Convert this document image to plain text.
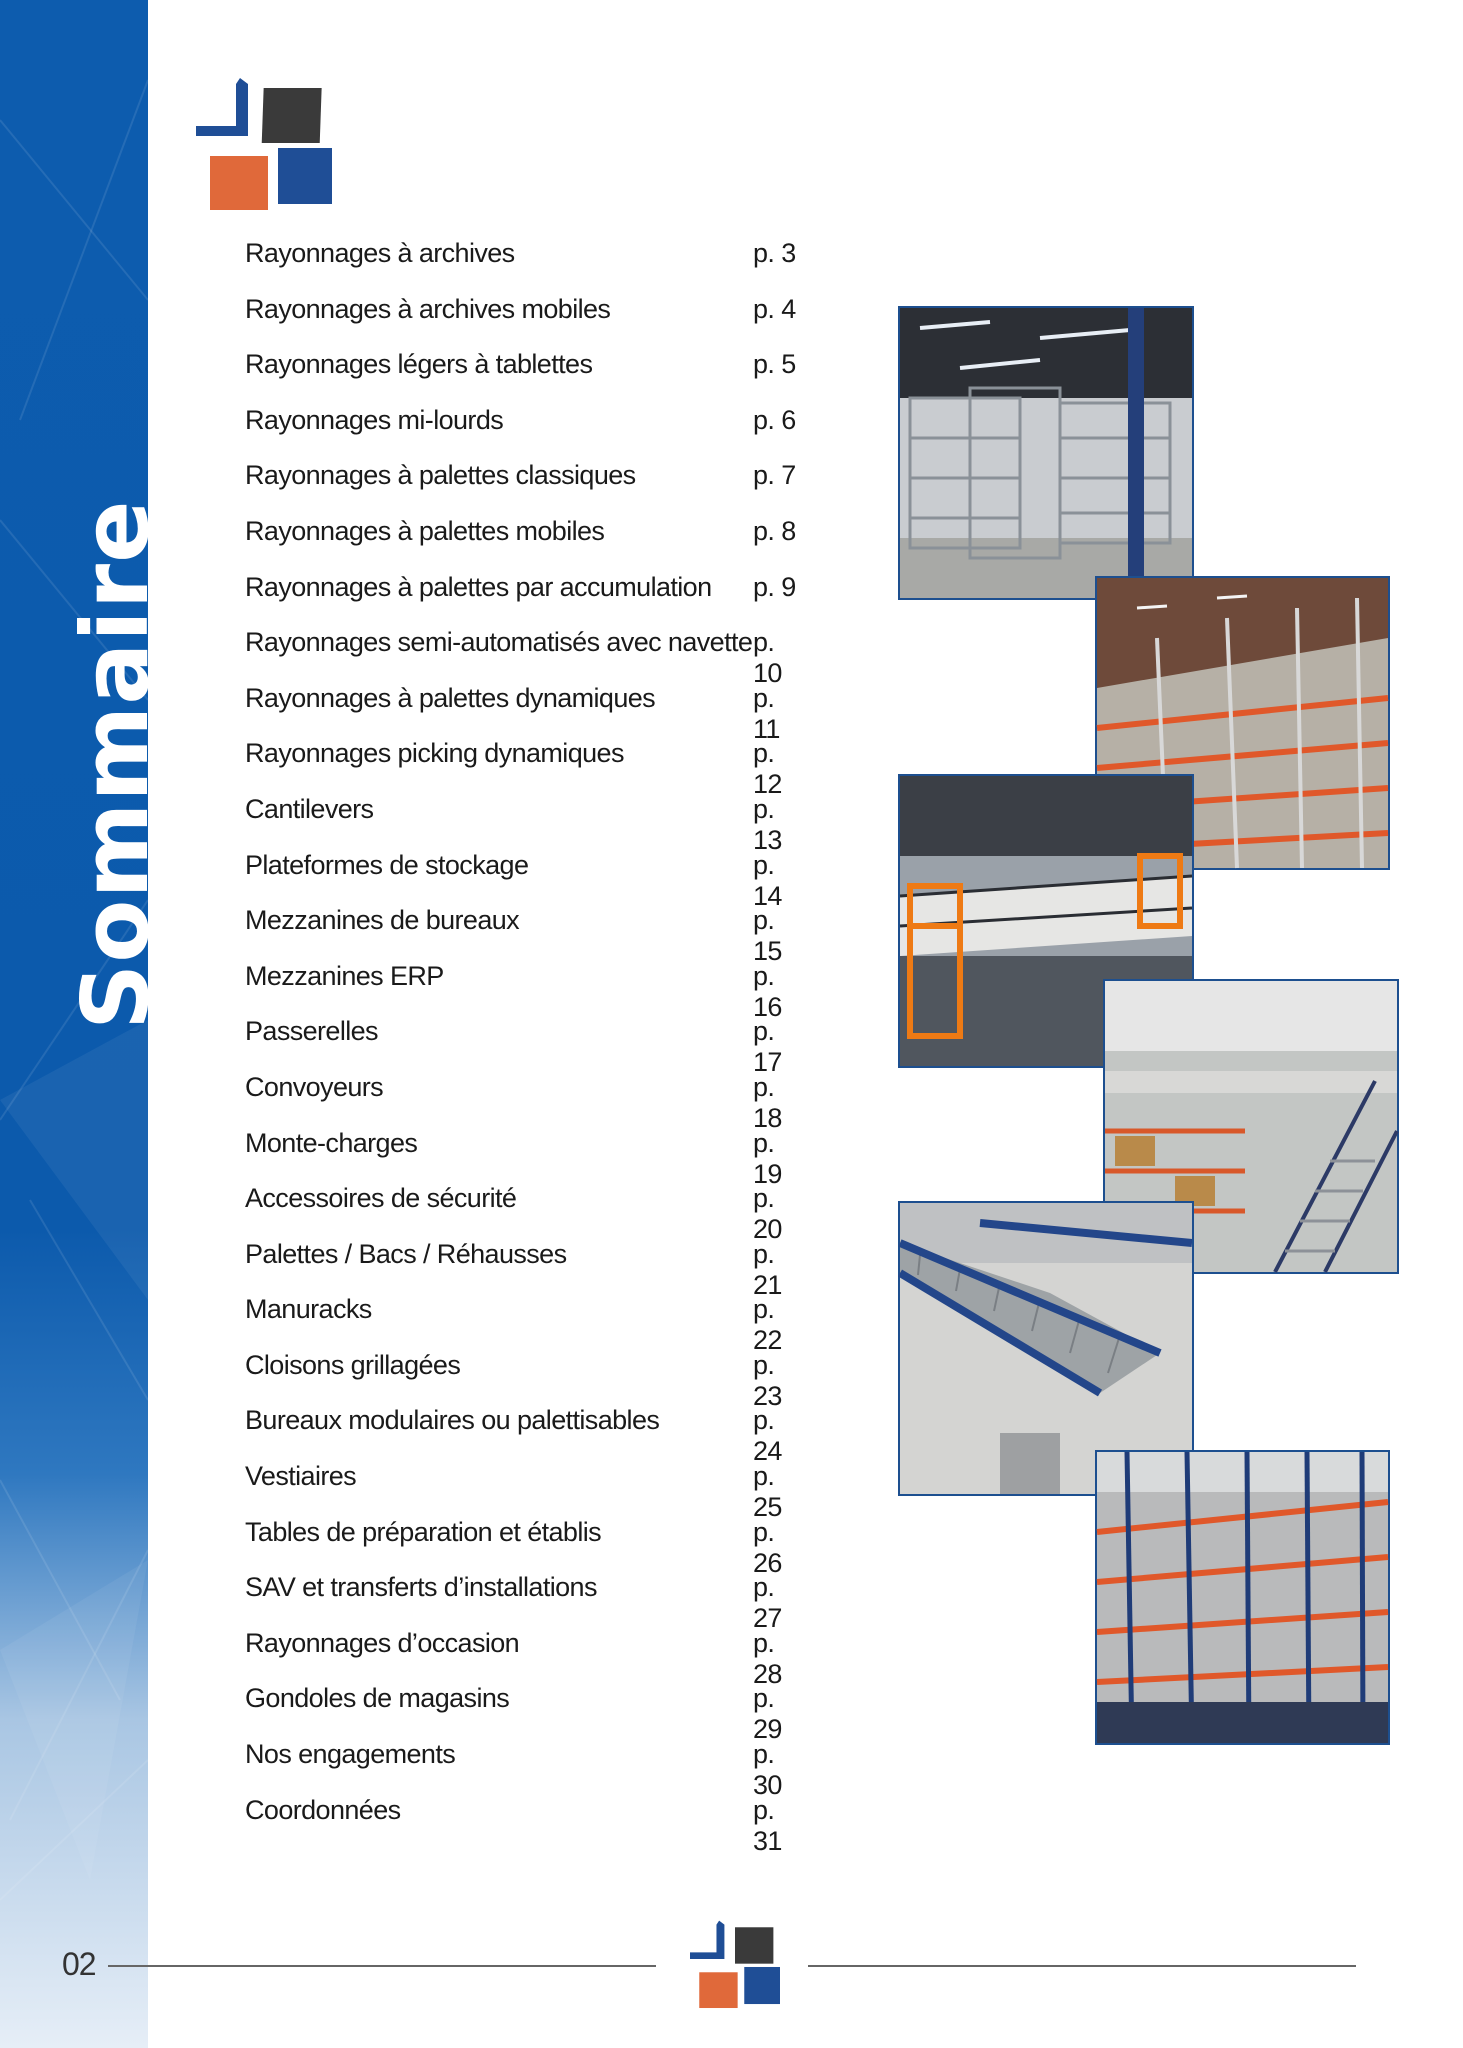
Sommaire
Rayonnages à archives	p. 3
Rayonnages à archives mobiles	p. 4
Rayonnages légers à tablettes	p. 5
Rayonnages mi-lourds	p. 6
Rayonnages à palettes classiques	p. 7
Rayonnages à palettes mobiles	p. 8
Rayonnages à palettes par accumulation p. 9
Rayonnages semi-automatisés avec navette p. 10
Rayonnages à palettes dynamiques	p. 11
Rayonnages picking dynamiques	p. 12
Cantilevers	p. 13
Plateformes de stockage	p. 14
Mezzanines de bureaux	p. 15
Mezzanines ERP	p. 16
Passerelles	p. 17
Convoyeurs	p. 18
Monte-charges	p. 19
Accessoires de sécurité	p. 20
Palettes / Bacs / Réhausses	p. 21
Manuracks	p. 22
Cloisons grillagées	p. 23
Bureaux modulaires ou palettisables	p. 24
Vestiaires	p. 25
Tables de préparation et établis	p. 26
SAV et transferts d’installations	p. 27
Rayonnages d’occasion	p. 28
Gondoles de magasins	p. 29
Nos engagements	p. 30
Coordonnées	p. 31
02
